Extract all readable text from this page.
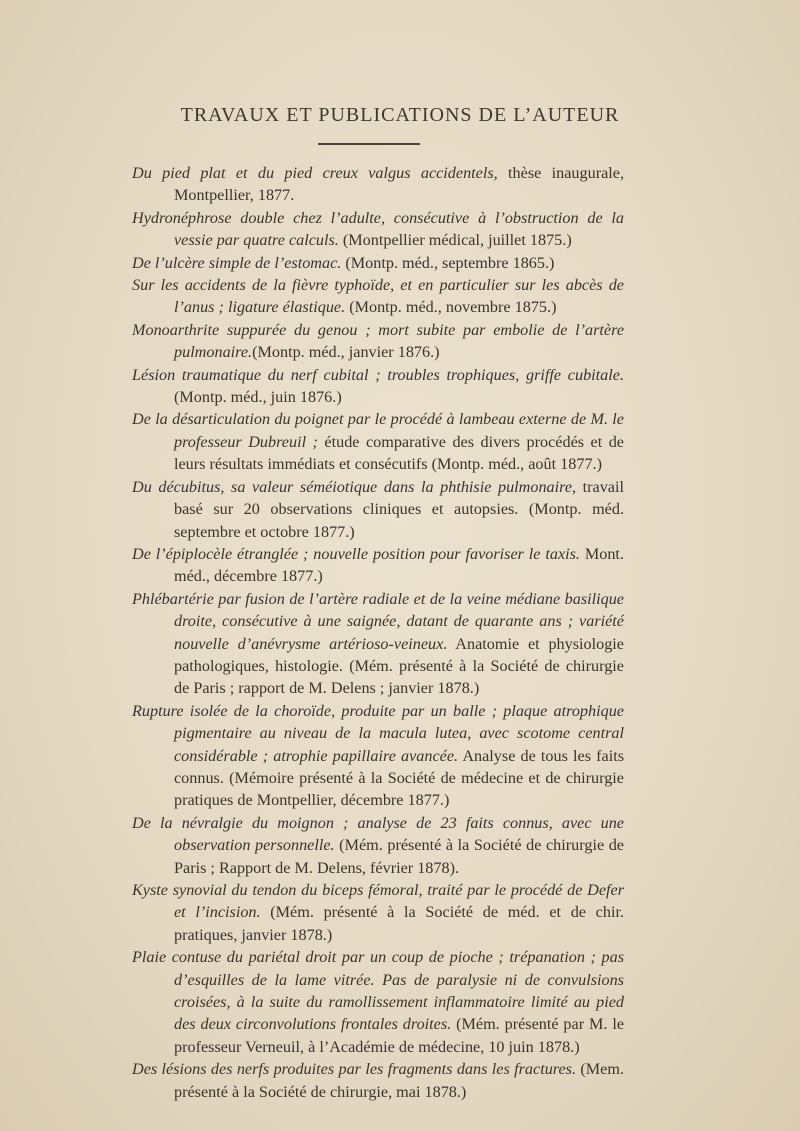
TRAVAUX ET PUBLICATIONS DE L’AUTEUR

Du pied plat et du pied creux valgus accidentels, thèse inaugurale, Montpellier, 1877.

Hydronéphrose double chez l’adulte, consécutive à l’obstruction de la vessie par quatre calculs. (Montpellier médical, juillet 1875.)

De l’ulcère simple de l’estomac. (Montp. méd., septembre 1865.)

Sur les accidents de la fièvre typhoïde, et en particulier sur les abcès de l’anus ; ligature élastique. (Montp. méd., novembre 1875.)

Monoarthrite suppurée du genou ; mort subite par embolie de l’artère pulmonaire.(Montp. méd., janvier 1876.)

Lésion traumatique du nerf cubital ; troubles trophiques, griffe cubitale. (Montp. méd., juin 1876.)

De la désarticulation du poignet par le procédé à lambeau externe de M. le professeur Dubreuil ; étude comparative des divers procédés et de leurs résultats immédiats et consécutifs (Montp. méd., août 1877.)

Du décubitus, sa valeur séméiotique dans la phthisie pulmonaire, travail basé sur 20 observations cliniques et autopsies. (Montp. méd. septembre et octobre 1877.)

De l’épiplocèle étranglée ; nouvelle position pour favoriser le taxis. Mont. méd., décembre 1877.)

Phlébartérie par fusion de l’artère radiale et de la veine médiane basilique droite, consécutive à une saignée, datant de quarante ans ; variété nouvelle d’anévrysme artérioso-veineux. Anatomie et physiologie pathologiques, histologie. (Mém. présenté à la Société de chirurgie de Paris ; rapport de M. Delens ; janvier 1878.)

Rupture isolée de la choroïde, produite par un balle ; plaque atrophique pigmentaire au niveau de la macula lutea, avec scotome central considérable ; atrophie papillaire avancée. Analyse de tous les faits connus. (Mémoire présenté à la Société de médecine et de chirurgie pratiques de Montpellier, décembre 1877.)

De la névralgie du moignon ; analyse de 23 faits connus, avec une observation personnelle. (Mém. présenté à la Société de chirurgie de Paris ; Rapport de M. Delens, février 1878).

Kyste synovial du tendon du biceps fémoral, traité par le procédé de Defer et l’incision. (Mém. présenté à la Société de méd. et de chir. pratiques, janvier 1878.)

Plaie contuse du pariétal droit par un coup de pioche ; trépanation ; pas d’esquilles de la lame vitrée. Pas de paralysie ni de convulsions croisées, à la suite du ramollissement inflammatoire limité au pied des deux circonvolutions frontales droites. (Mém. présenté par M. le professeur Verneuil, à l’Académie de médecine, 10 juin 1878.)

Des lésions des nerfs produites par les fragments dans les fractures. (Mem. présenté à la Société de chirurgie, mai 1878.)
